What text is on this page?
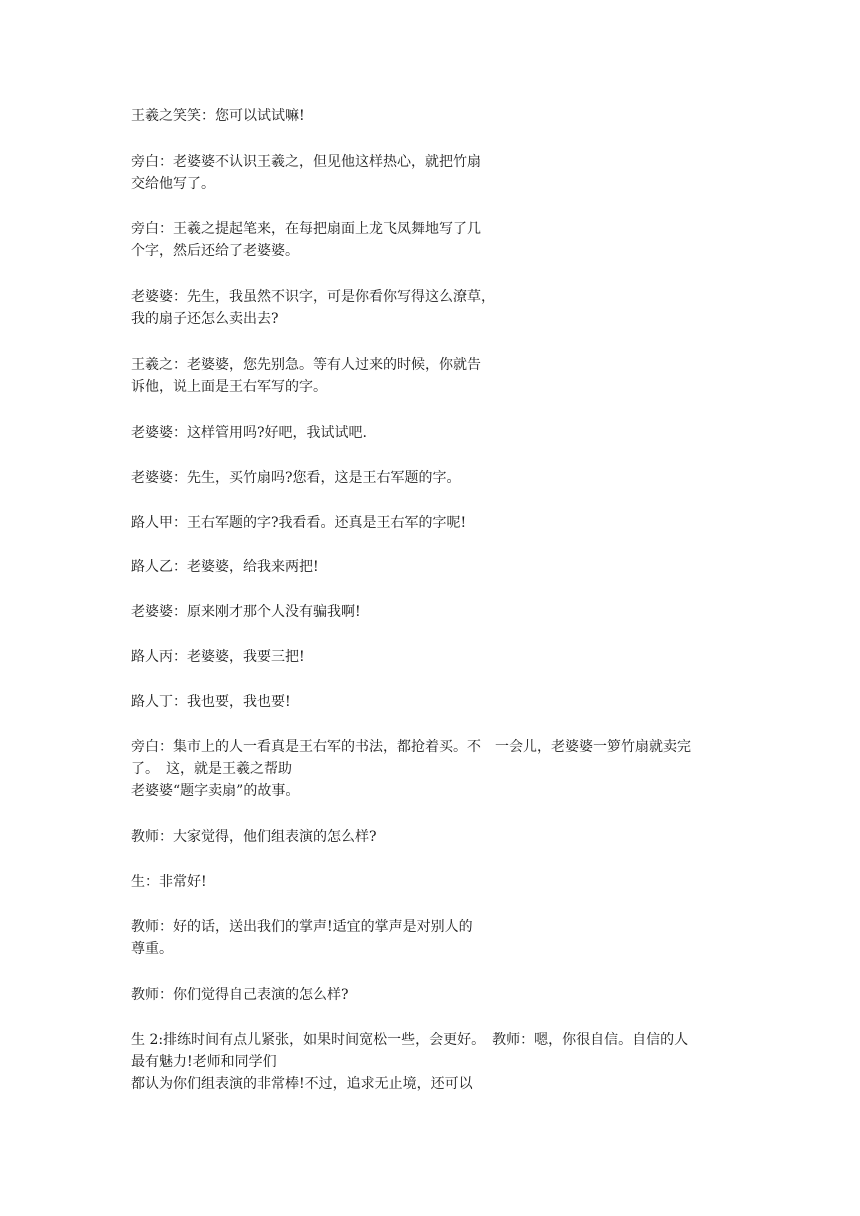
王羲之笑笑：您可以试试嘛!

旁白：老婆婆不认识王羲之，但见他这样热心，就把竹扇
交给他写了。

旁白：王羲之提起笔来，在每把扇面上龙飞凤舞地写了几
个字，然后还给了老婆婆。

老婆婆：先生，我虽然不识字，可是你看你写得这么潦草，
我的扇子还怎么卖出去?

王羲之：老婆婆，您先别急。等有人过来的时候，你就告
诉他，说上面是王右军写的字。

老婆婆：这样管用吗?好吧，我试试吧.

老婆婆：先生，买竹扇吗?您看，这是王右军题的字。

路人甲：王右军题的字?我看看。还真是王右军的字呢!

路人乙：老婆婆，给我来两把!

老婆婆：原来刚才那个人没有骗我啊!

路人丙：老婆婆，我要三把!

路人丁：我也要，我也要!

旁白：集市上的人一看真是王右军的书法，都抢着买。不　一会儿，老婆婆一箩竹扇就卖完
了。　这，就是王羲之帮助
老婆婆“题字卖扇”的故事。

教师：大家觉得，他们组表演的怎么样?

生：非常好!

教师：好的话，送出我们的掌声!适宜的掌声是对别人的
尊重。

教师：你们觉得自己表演的怎么样?

生 2:排练时间有点儿紧张，如果时间宽松一些，会更好。　教师：嗯，你很自信。自信的人
最有魅力!老师和同学们
都认为你们组表演的非常棒!不过，追求无止境，还可以
